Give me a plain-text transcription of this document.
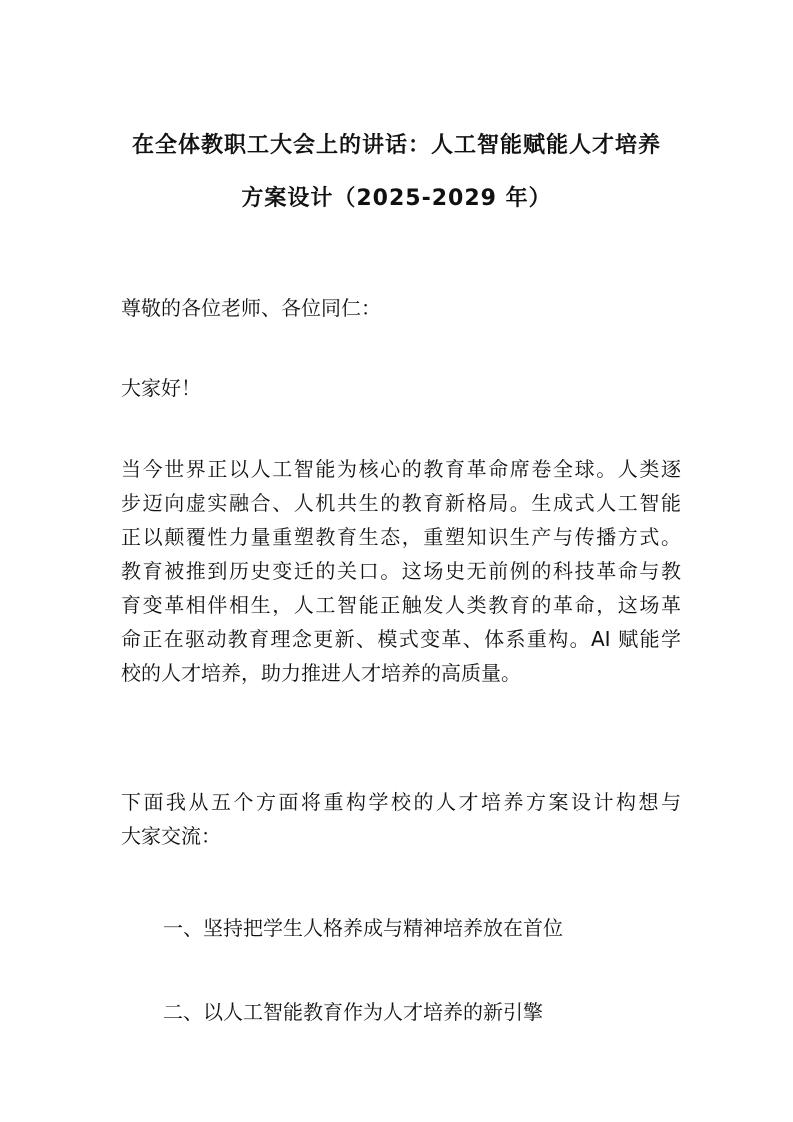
在全体教职工大会上的讲话：人工智能赋能人才培养
方案设计（2025-2029 年）

尊敬的各位老师、各位同仁：

大家好！

当今世界正以人工智能为核心的教育革命席卷全球。人类逐
步迈向虚实融合、人机共生的教育新格局。生成式人工智能
正以颠覆性力量重塑教育生态，重塑知识生产与传播方式。
教育被推到历史变迁的关口。这场史无前例的科技革命与教
育变革相伴相生，人工智能正触发人类教育的革命，这场革
命正在驱动教育理念更新、模式变革、体系重构。AI 赋能学
校的人才培养，助力推进人才培养的高质量。
下面我从五个方面将重构学校的人才培养方案设计构想与
大家交流：

一、坚持把学生人格养成与精神培养放在首位

二、以人工智能教育作为人才培养的新引擎
